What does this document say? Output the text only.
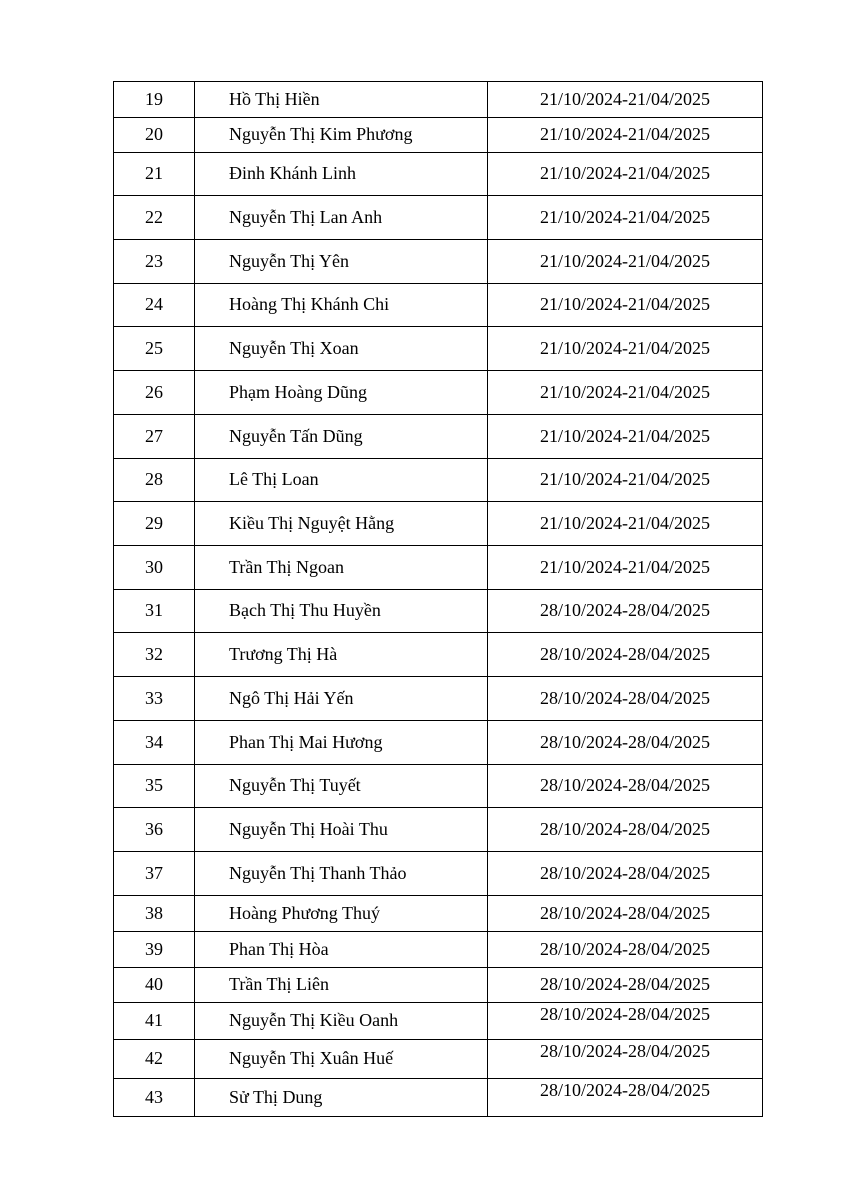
19	Hồ Thị Hiền	21/10/2024-21/04/2025
20	Nguyễn Thị Kim Phương	21/10/2024-21/04/2025
21	Đinh Khánh Linh	21/10/2024-21/04/2025
22	Nguyễn Thị Lan Anh	21/10/2024-21/04/2025
23	Nguyễn Thị Yên	21/10/2024-21/04/2025
24	Hoàng Thị Khánh Chi	21/10/2024-21/04/2025
25	Nguyễn Thị Xoan	21/10/2024-21/04/2025
26	Phạm Hoàng Dũng	21/10/2024-21/04/2025
27	Nguyễn Tấn Dũng	21/10/2024-21/04/2025
28	Lê Thị Loan	21/10/2024-21/04/2025
29	Kiều Thị Nguyệt Hằng	21/10/2024-21/04/2025
30	Trần Thị Ngoan	21/10/2024-21/04/2025
31	Bạch Thị Thu Huyền	28/10/2024-28/04/2025
32	Trương Thị Hà	28/10/2024-28/04/2025
33	Ngô Thị Hải Yến	28/10/2024-28/04/2025
34	Phan Thị Mai Hương	28/10/2024-28/04/2025
35	Nguyễn Thị Tuyết	28/10/2024-28/04/2025
36	Nguyễn Thị Hoài Thu	28/10/2024-28/04/2025
37	Nguyễn Thị Thanh Thảo	28/10/2024-28/04/2025
38	Hoàng Phương Thuý	28/10/2024-28/04/2025
39	Phan Thị Hòa	28/10/2024-28/04/2025
40	Trần Thị Liên	28/10/2024-28/04/2025
41	Nguyễn Thị Kiều Oanh	28/10/2024-28/04/2025
42	Nguyễn Thị Xuân Huế	28/10/2024-28/04/2025
43	Sử Thị Dung	28/10/2024-28/04/2025
